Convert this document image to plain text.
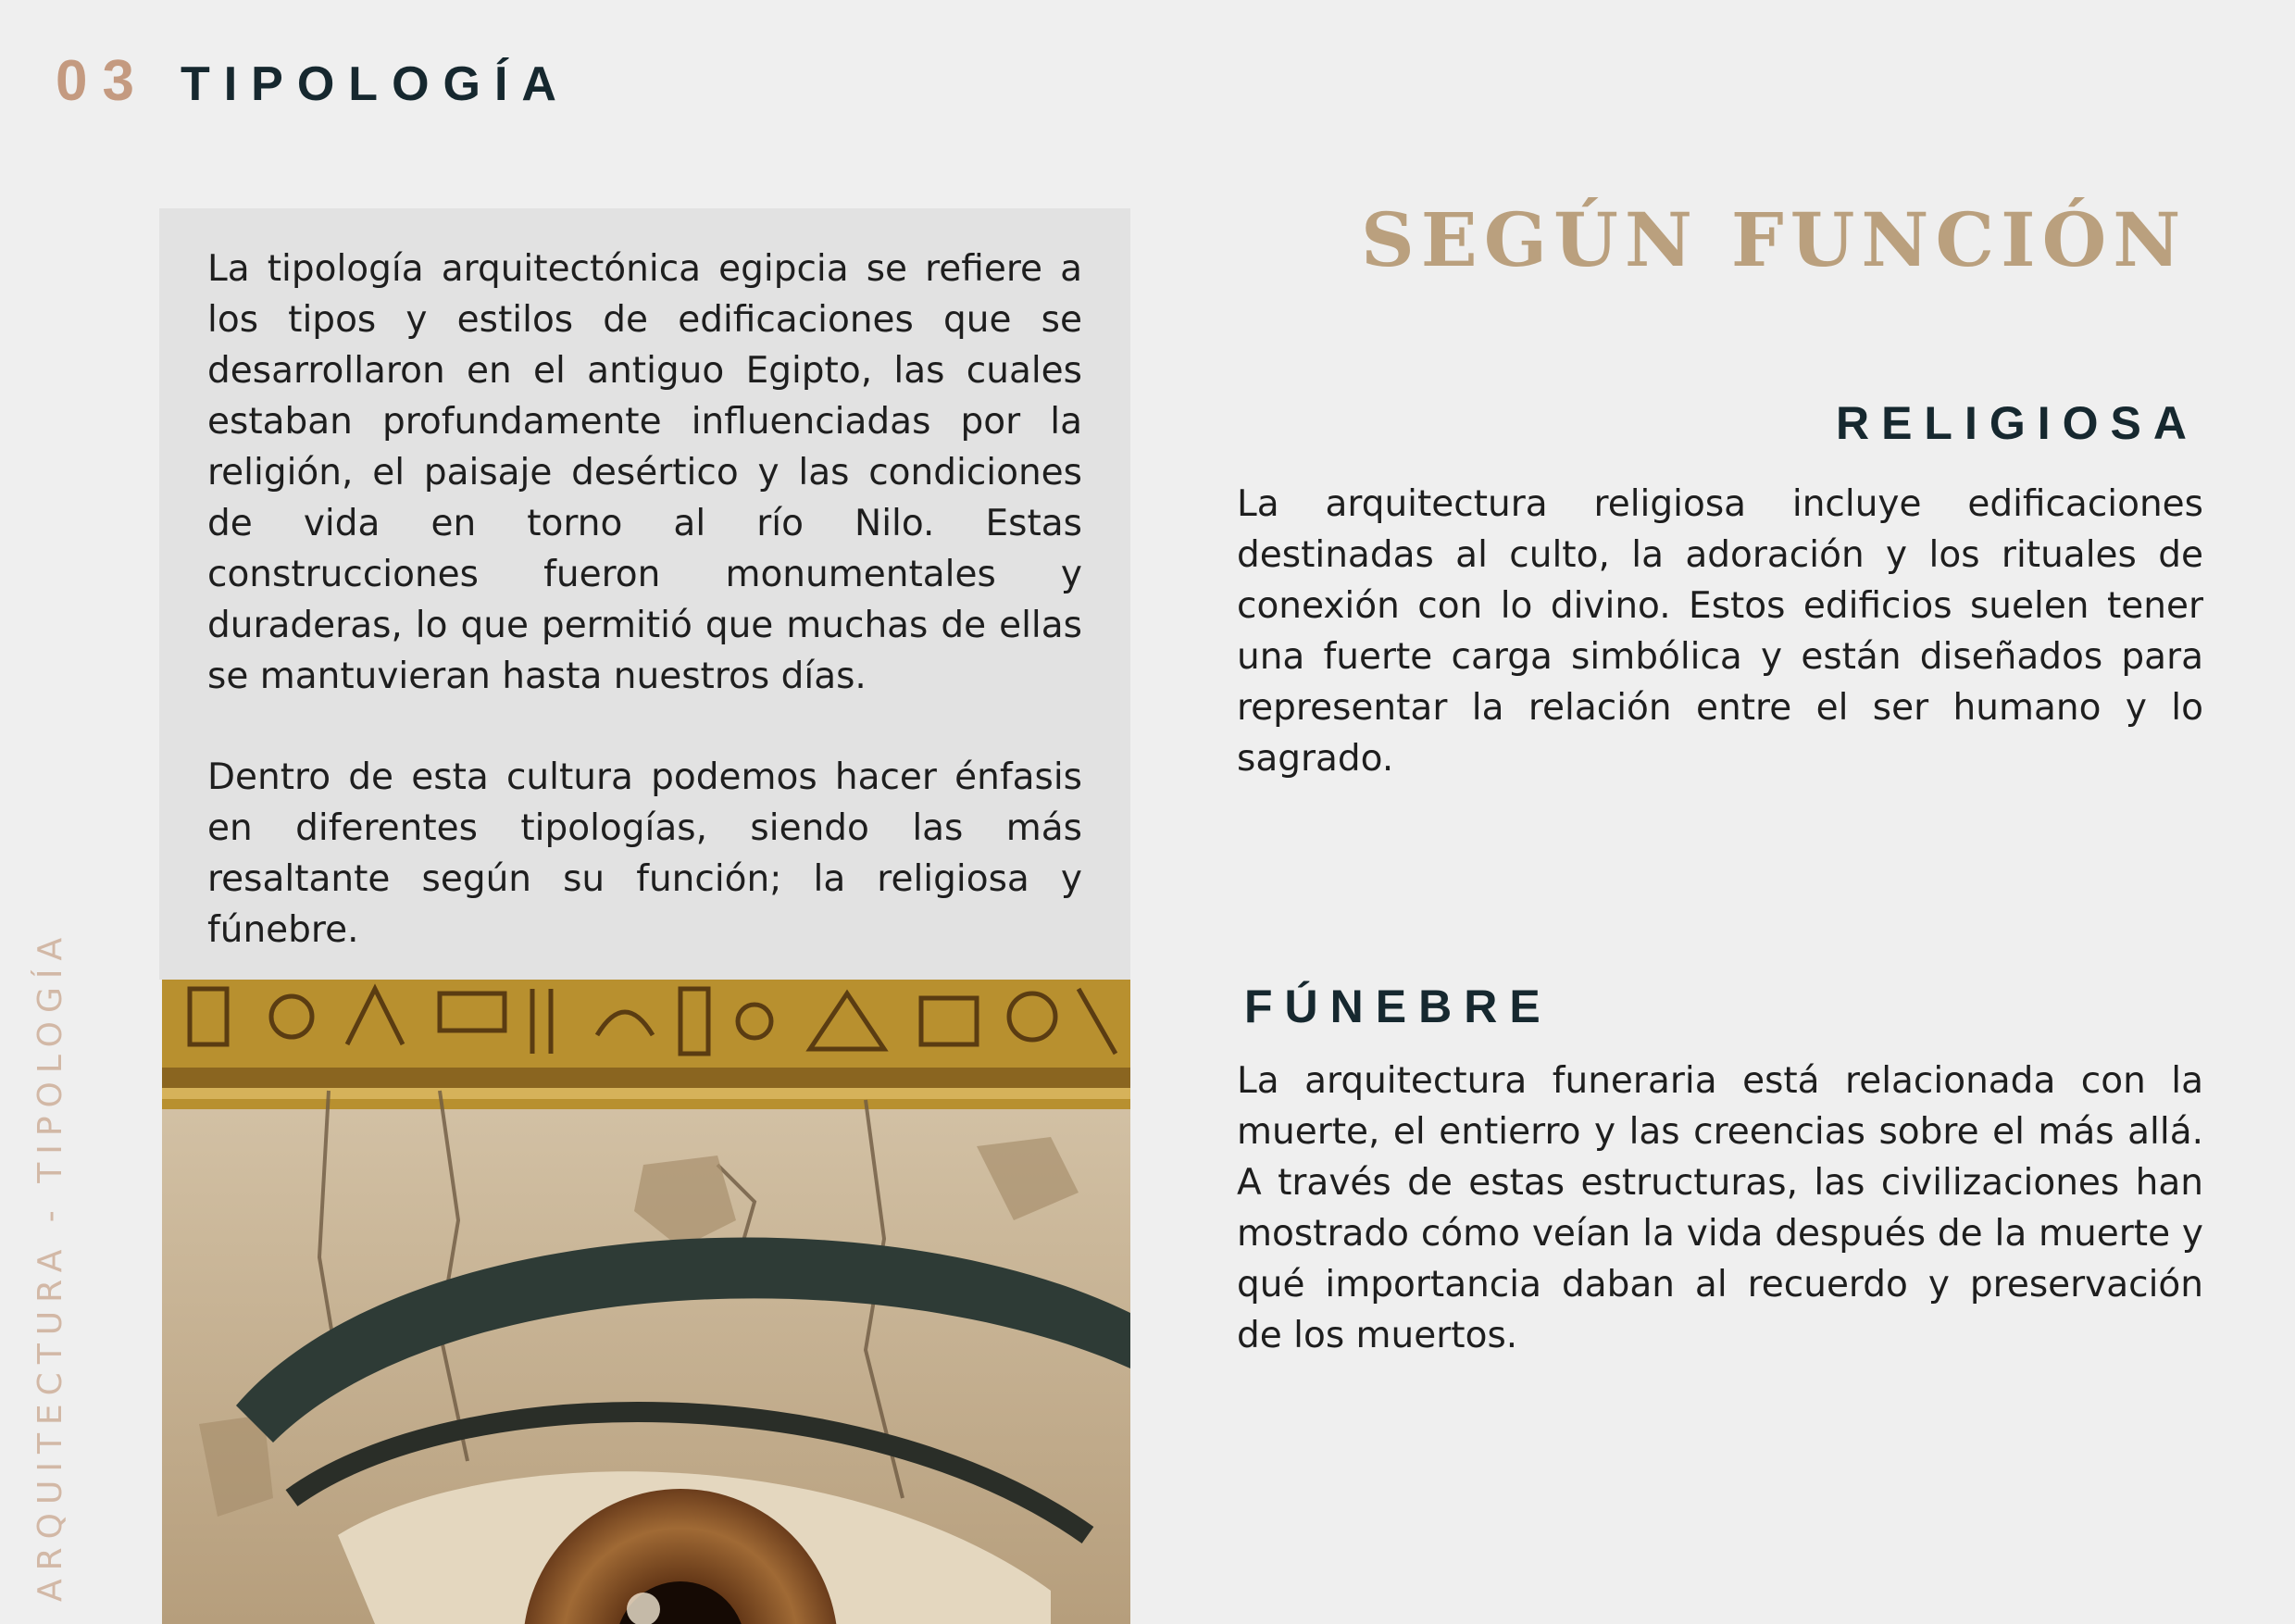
03 TIPOLOGÍA
ARQUITECTURA - TIPOLOGÍA

La tipología arquitectónica egipcia se refiere a los tipos y estilos de edificaciones que se desarrollaron en el antiguo Egipto, las cuales estaban profundamente influenciadas por la religión, el paisaje desértico y las condiciones de vida en torno al río Nilo. Estas construcciones fueron monumentales y duraderas, lo que permitió que muchas de ellas se mantuvieran hasta nuestros días.

Dentro de esta cultura podemos hacer énfasis en diferentes tipologías, siendo las más resaltante según su función; la religiosa y fúnebre.

SEGÚN FUNCIÓN
RELIGIOSA

La arquitectura religiosa incluye edificaciones destinadas al culto, la adoración y los rituales de conexión con lo divino. Estos edificios suelen tener una fuerte carga simbólica y están diseñados para representar la relación entre el ser humano y lo sagrado.

FÚNEBRE

La arquitectura funeraria está relacionada con la muerte, el entierro y las creencias sobre el más allá. A través de estas estructuras, las civilizaciones han mostrado cómo veían la vida después de la muerte y qué importancia daban al recuerdo y preservación de los muertos.
